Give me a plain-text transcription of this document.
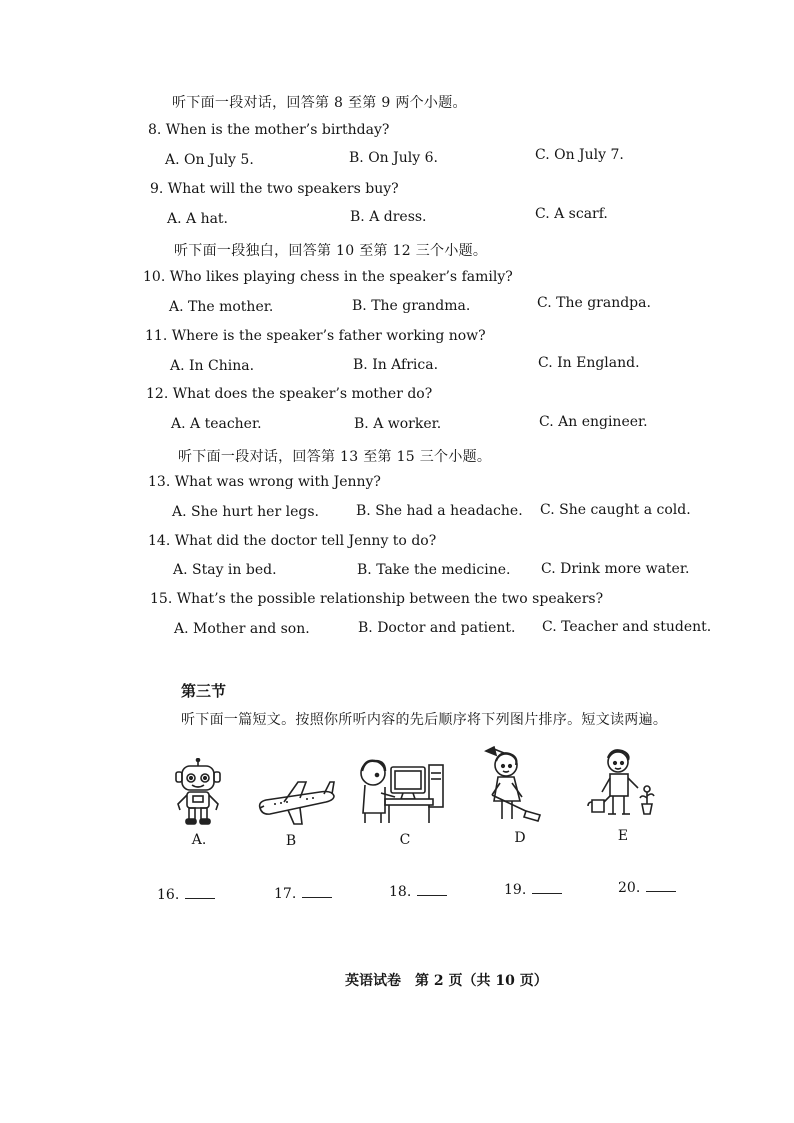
听下面一段对话，回答第 8 至第 9 两个小题。
8. When is the mother’s birthday?
A. On July 5.	B. On July 6.	C. On July 7.
9. What will the two speakers buy?
A. A hat.	B. A dress.	C. A scarf.
听下面一段独白，回答第 10 至第 12 三个小题。
10. Who likes playing chess in the speaker’s family?
A. The mother.	B. The grandma.	C. The grandpa.
11. Where is the speaker’s father working now?
A. In China.	B. In Africa.	C. In England.
12. What does the speaker’s mother do?
A. A teacher.	B. A worker.	C. An engineer.
听下面一段对话，回答第 13 至第 15 三个小题。
13. What was wrong with Jenny?
A. She hurt her legs.	B. She had a headache. C. She caught a cold.
14. What did the doctor tell Jenny to do?
A. Stay in bed.	B. Take the medicine. C. Drink more water.
15. What’s the possible relationship between the two speakers?
A. Mother and son.	B. Doctor and patient. C. Teacher and student.
第三节
听下面一篇短文。按照你所听内容的先后顺序将下列图片排序。短文读两遍。
A.	B	C	D	E
16.	17.	18.	19.	20.
英语试卷　第 2 页（共 10 页）
